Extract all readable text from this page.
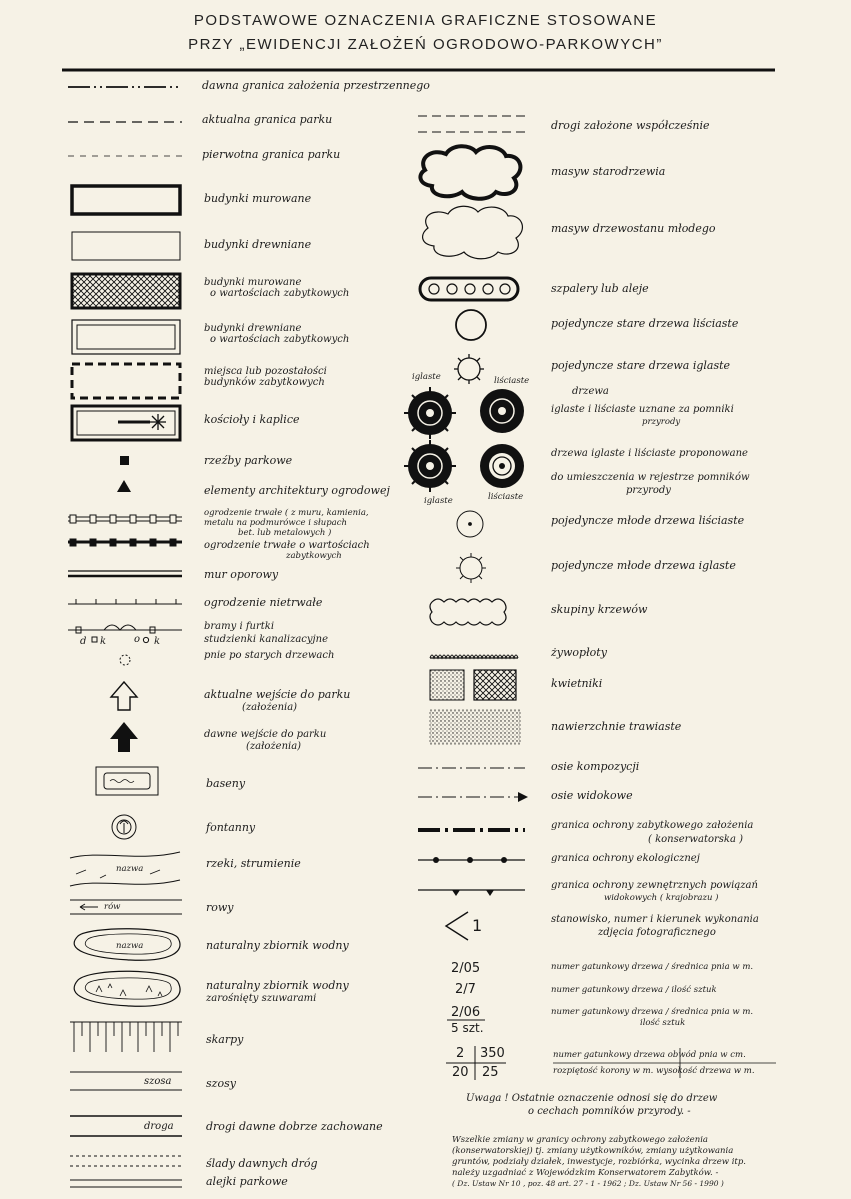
PODSTAWOWE OZNACZENIA GRAFICZNE STOSOWANE
PRZY „EWIDENCJI ZAŁOŻEŃ OGRODOWO-PARKOWYCH”
dawna granica założenia przestrzennego
aktualna granica parku
pierwotna granica parku
budynki murowane
budynki drewniane
budynki murowane
o wartościach zabytkowych
budynki drewniane
o wartościach zabytkowych
miejsca lub pozostałości
budynków zabytkowych
kościoły i kaplice
rzeźby parkowe
elementy architektury ogrodowej
ogrodzenie trwałe ( z muru, kamienia,
metalu na podmurówce i słupach
bet. lub metalowych )
ogrodzenie trwałe o wartościach
zabytkowych
mur oporowy
ogrodzenie nietrwałe
bramy i furtki
studzienki kanalizacyjne
pnie po starych drzewach
d k	o k
aktualne wejście do parku
(założenia)
dawne wejście do parku
(założenia)
baseny
fontanny
rzeki, strumienie
nazwa
rowy
rów
naturalny zbiornik wodny
nazwa
naturalny zbiornik wodny
zarośnięty szuwarami
skarpy
szosy
szosa
drogi dawne dobrze zachowane
droga
ślady dawnych dróg
alejki parkowe
drogi założone współcześnie
masyw starodrzewia
masyw drzewostanu młodego
szpalery lub aleje
pojedyncze stare drzewa liściaste
pojedyncze stare drzewa iglaste
iglaste	liściaste
drzewa
iglaste i liściaste uznane za pomniki
przyrody
drzewa iglaste i liściaste proponowane
do umieszczenia w rejestrze pomników
przyrody
iglaste	liściaste
pojedyncze młode drzewa liściaste
pojedyncze młode drzewa iglaste
skupiny krzewów
żywopłoty
kwietniki
nawierzchnie trawiaste
osie kompozycji
osie widokowe
granica ochrony zabytkowego założenia
( konserwatorska )
granica ochrony ekologicznej
granica ochrony zewnętrznych powiązań
widokowych ( krajobrazu )
stanowisko, numer i kierunek wykonania
zdjęcia fotograficznego
1
2/05	numer gatunkowy drzewa / średnica pnia w m.
2/7	numer gatunkowy drzewa / ilość sztuk
2/06
5 szt.
numer gatunkowy drzewa / średnica pnia w m.
ilość sztuk
2 350
20 25
numer gatunkowy drzewa obwód pnia w cm.
rozpiętość korony w m. wysokość drzewa w m.
Uwaga ! Ostatnie oznaczenie odnosi się do drzew
o cechach pomników przyrody. -
Wszelkie zmiany w granicy ochrony zabytkowego założenia
(konserwatorskiej) tj. zmiany użytkowników, zmiany użytkowania
gruntów, podziały działek, inwestycje, rozbiórka, wycinka drzew itp.
należy uzgadniać z Wojewódzkim Konserwatorem Zabytków. -
( Dz. Ustaw Nr 10 , poz. 48 art. 27 - 1 - 1962 ; Dz. Ustaw Nr 56 - 1990 )
